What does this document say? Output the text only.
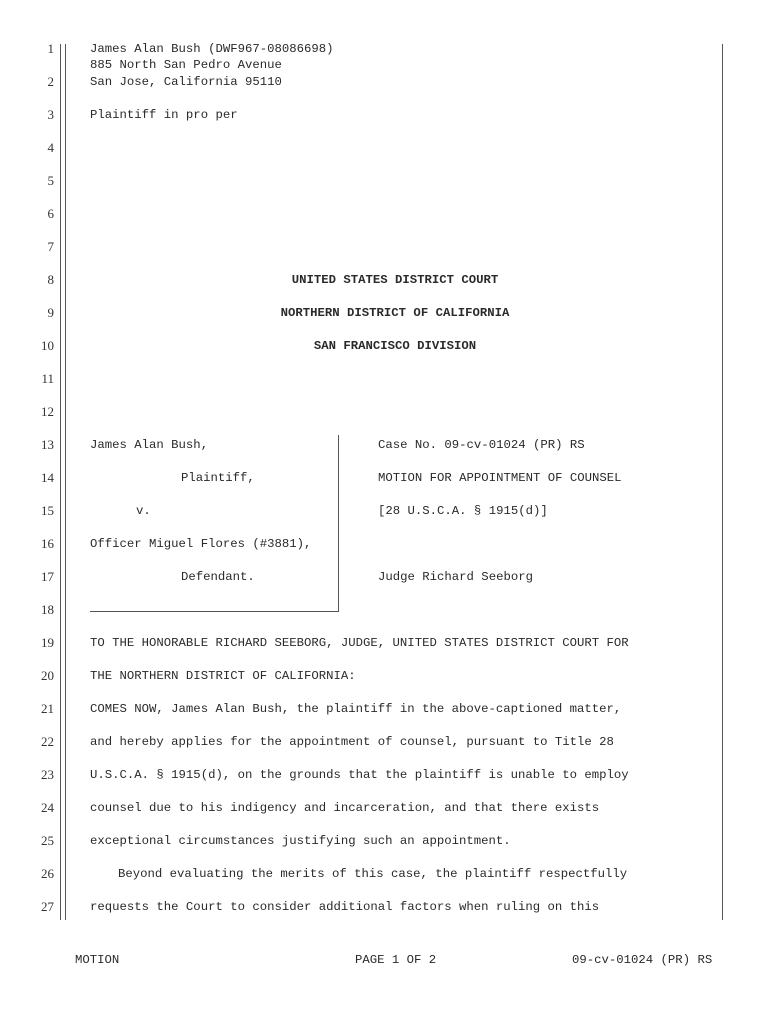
1
2
3
4
5
6
7
8
9
10
11
12
13
14
15
16
17
18
19
20
21
22
23
24
25
26
27
James Alan Bush (DWF967-08086698)
885 North San Pedro Avenue
San Jose, California 95110
Plaintiff in pro per
UNITED STATES DISTRICT COURT
NORTHERN DISTRICT OF CALIFORNIA
SAN FRANCISCO DIVISION
James Alan Bush,
Plaintiff,
v.
Officer Miguel Flores (#3881),
Defendant.
Case No. 09-cv-01024 (PR) RS
MOTION FOR APPOINTMENT OF COUNSEL
[28 U.S.C.A. § 1915(d)]
Judge Richard Seeborg
TO THE HONORABLE RICHARD SEEBORG, JUDGE, UNITED STATES DISTRICT COURT FOR
THE NORTHERN DISTRICT OF CALIFORNIA:
COMES NOW, James Alan Bush, the plaintiff in the above-captioned matter,
and hereby applies for the appointment of counsel, pursuant to Title 28
U.S.C.A. § 1915(d), on the grounds that the plaintiff is unable to employ
counsel due to his indigency and incarceration, and that there exists
exceptional circumstances justifying such an appointment.
Beyond evaluating the merits of this case, the plaintiff respectfully
requests the Court to consider additional factors when ruling on this
MOTION	PAGE 1 OF 2	09-cv-01024 (PR) RS
